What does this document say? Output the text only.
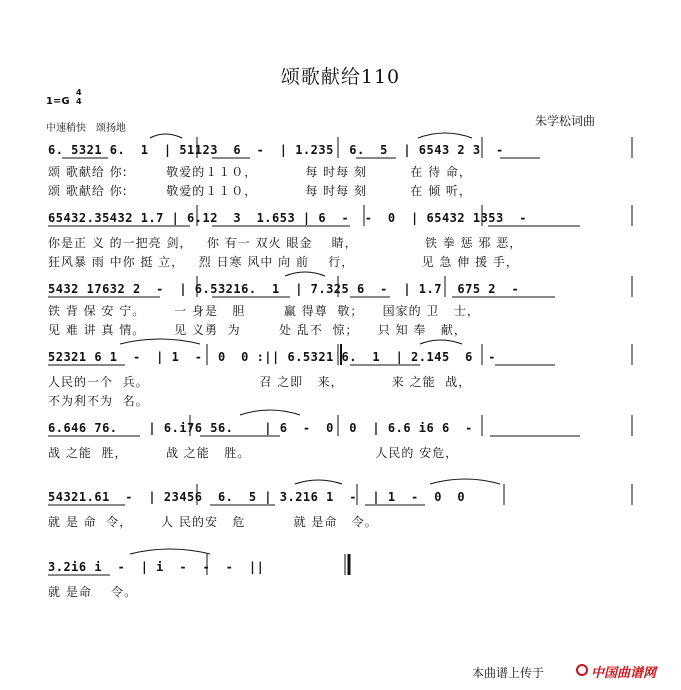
颂歌献给110
1=G
4
4
中速稍快　颂扬地
朱学松词曲
6. 5321 6.  1  | 51123  6  -  | 1.235  6.  5  | 6543 2 3  -
颂 歌献给 你:        敬爱的１１０，          每 时每 刻         在 待 命，
颂 歌献给 你:        敬爱的１１０，          每 时每 刻         在 倾 听，
65432.35432 1.7 | 6.12  3  1.653 | 6  -  -  0  | 65432 1353  -
你是正 义 的一把亮 剑，   你 有一 双火 眼金    睛，              铁 拳 惩 邪 恶，
狂风暴 雨 中你 挺 立，   烈 日寒 风中 向 前    行，              见 急 伸 援 手，
5432 17632 2  -  | 6.53216.  1  | 7.325 6  -  | 1.7  675 2  -
铁 背 保 安 宁。      一 身是   胆        赢 得尊  敬；    国家的 卫   士，
见 难 讲 真 情。      见 义勇  为        处 乱不  惊；    只 知 奉   献，
52321 6 1  -  | 1  -  0  0 :|| 6.5321 6.  1  | 2.145  6  -
人民的一个  兵。                       召 之即   来，          来 之能  战，
不为利不为  名。
6.646 76.    | 6.i76 56.    | 6  -  0  0  | 6.6 i6 6  -
战 之能  胜，        战 之能   胜。                          人民的 安危，
54321.61  -  | 23456  6.  5 | 3.216 1  -  | 1  -  0  0
就 是 命  令，      人 民的安   危          就 是命   令。
3.2i6 i  -  | i  -  -  -  ||
就 是命    令。
本曲谱上传于	中国曲谱网
